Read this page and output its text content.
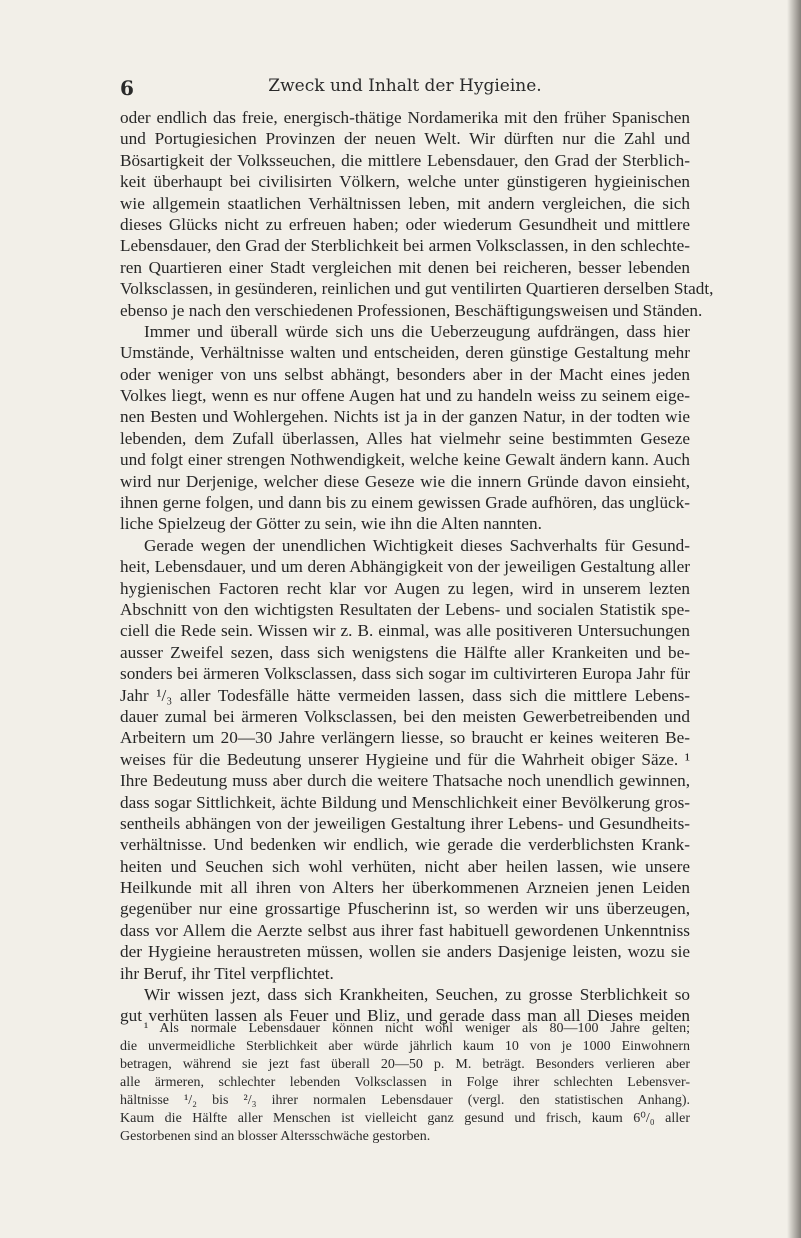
6	Zweck und Inhalt der Hygieine.
oder endlich das freie, energisch-thätige Nordamerika mit den früher Spanischen
und Portugiesichen Provinzen der neuen Welt. Wir dürften nur die Zahl und
Bösartigkeit der Volksseuchen, die mittlere Lebensdauer, den Grad der Sterblich-
keit überhaupt bei civilisirten Völkern, welche unter günstigeren hygieinischen
wie allgemein staatlichen Verhältnissen leben, mit andern vergleichen, die sich
dieses Glücks nicht zu erfreuen haben; oder wiederum Gesundheit und mittlere
Lebensdauer, den Grad der Sterblichkeit bei armen Volksclassen, in den schlechte-
ren Quartieren einer Stadt vergleichen mit denen bei reicheren, besser lebenden
Volksclassen, in gesünderen, reinlichen und gut ventilirten Quartieren derselben Stadt,
ebenso je nach den verschiedenen Professionen, Beschäftigungsweisen und Ständen.
Immer und überall würde sich uns die Ueberzeugung aufdrängen, dass hier
Umstände, Verhältnisse walten und entscheiden, deren günstige Gestaltung mehr
oder weniger von uns selbst abhängt, besonders aber in der Macht eines jeden
Volkes liegt, wenn es nur offene Augen hat und zu handeln weiss zu seinem eige-
nen Besten und Wohlergehen. Nichts ist ja in der ganzen Natur, in der todten wie
lebenden, dem Zufall überlassen, Alles hat vielmehr seine bestimmten Geseze
und folgt einer strengen Nothwendigkeit, welche keine Gewalt ändern kann. Auch
wird nur Derjenige, welcher diese Geseze wie die innern Gründe davon einsieht,
ihnen gerne folgen, und dann bis zu einem gewissen Grade aufhören, das unglück-
liche Spielzeug der Götter zu sein, wie ihn die Alten nannten.
Gerade wegen der unendlichen Wichtigkeit dieses Sachverhalts für Gesund-
heit, Lebensdauer, und um deren Abhängigkeit von der jeweiligen Gestaltung aller
hygienischen Factoren recht klar vor Augen zu legen, wird in unserem lezten
Abschnitt von den wichtigsten Resultaten der Lebens- und socialen Statistik spe-
ciell die Rede sein. Wissen wir z. B. einmal, was alle positiveren Untersuchungen
ausser Zweifel sezen, dass sich wenigstens die Hälfte aller Krankeiten und be-
sonders bei ärmeren Volksclassen, dass sich sogar im cultivirteren Europa Jahr für
Jahr ¹/₃ aller Todesfälle hätte vermeiden lassen, dass sich die mittlere Lebens-
dauer zumal bei ärmeren Volksclassen, bei den meisten Gewerbetreibenden und
Arbeitern um 20—30 Jahre verlängern liesse, so braucht er keines weiteren Be-
weises für die Bedeutung unserer Hygieine und für die Wahrheit obiger Säze. ¹
Ihre Bedeutung muss aber durch die weitere Thatsache noch unendlich gewinnen,
dass sogar Sittlichkeit, ächte Bildung und Menschlichkeit einer Bevölkerung gros-
sentheils abhängen von der jeweiligen Gestaltung ihrer Lebens- und Gesundheits-
verhältnisse. Und bedenken wir endlich, wie gerade die verderblichsten Krank-
heiten und Seuchen sich wohl verhüten, nicht aber heilen lassen, wie unsere
Heilkunde mit all ihren von Alters her überkommenen Arzneien jenen Leiden
gegenüber nur eine grossartige Pfuscherinn ist, so werden wir uns überzeugen,
dass vor Allem die Aerzte selbst aus ihrer fast habituell gewordenen Unkenntniss
der Hygieine heraustreten müssen, wollen sie anders Dasjenige leisten, wozu sie
ihr Beruf, ihr Titel verpflichtet.
Wir wissen jezt, dass sich Krankheiten, Seuchen, zu grosse Sterblichkeit so
gut verhüten lassen als Feuer und Bliz, und gerade dass man all Dieses meiden
¹ Als normale Lebensdauer können nicht wohl weniger als 80—100 Jahre gelten;
die unvermeidliche Sterblichkeit aber würde jährlich kaum 10 von je 1000 Einwohnern
betragen, während sie jezt fast überall 20—50 p. M. beträgt. Besonders verlieren aber
alle ärmeren, schlechter lebenden Volksclassen in Folge ihrer schlechten Lebensver-
hältnisse ¹/₂ bis ²/₃ ihrer normalen Lebensdauer (vergl. den statistischen Anhang).
Kaum die Hälfte aller Menschen ist vielleicht ganz gesund und frisch, kaum 6⁰/₀ aller
Gestorbenen sind an blosser Altersschwäche gestorben.
